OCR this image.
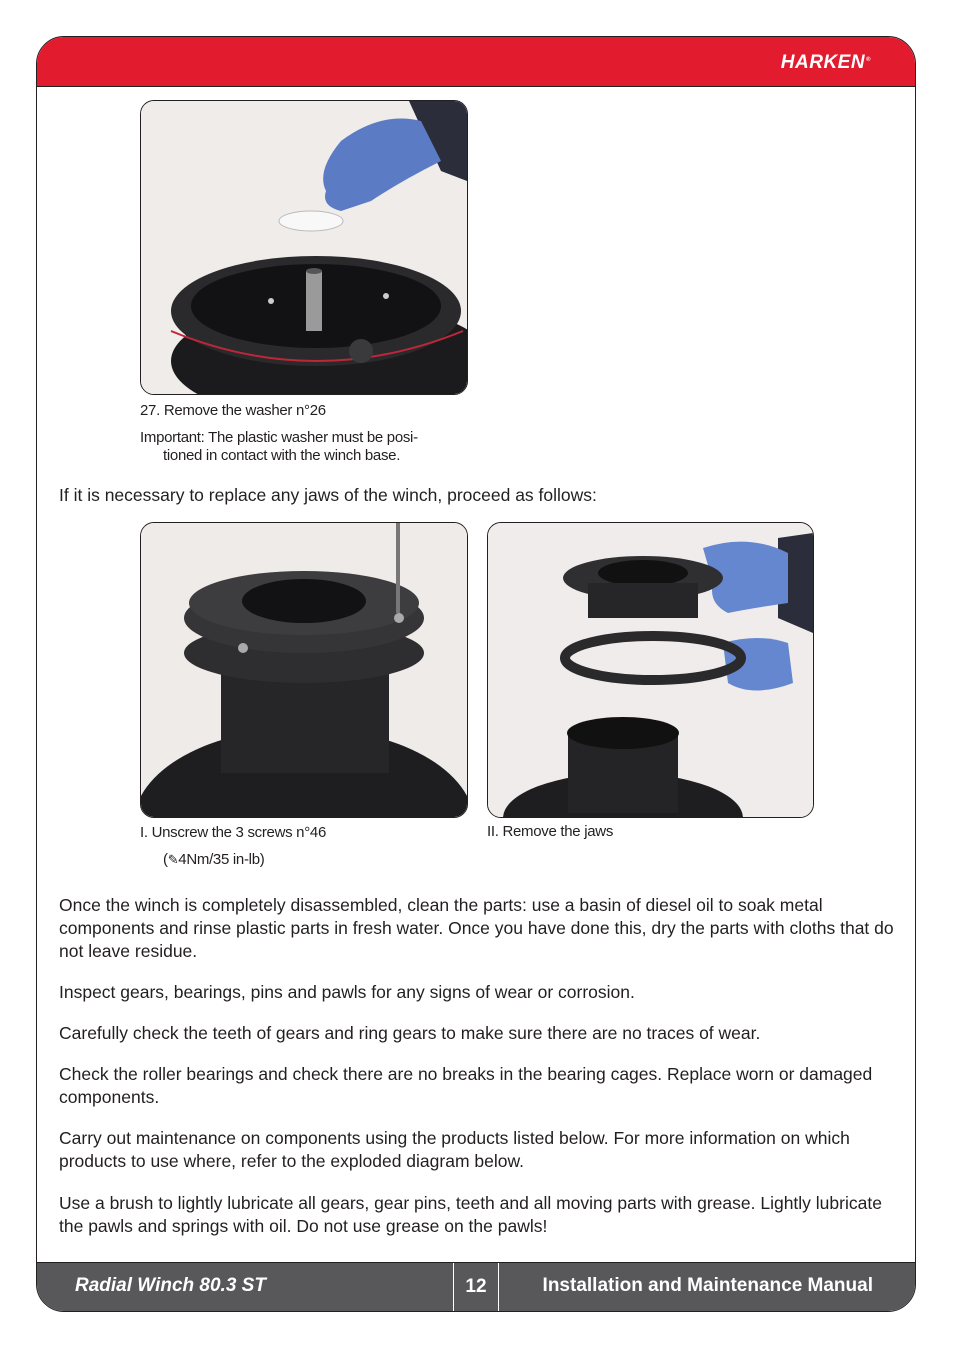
HARKEN®
Radial Winch 80.3 ST	12	Installation and Maintenance Manual
27. Remove the washer n°26
Important: The plastic washer must be posi-
tioned in contact with the winch base.
If it is necessary to replace any jaws of the winch, proceed as follows:
I. Unscrew the 3 screws n°46
(✎4Nm/35 in-lb)
II. Remove the jaws
Once the winch is completely disassembled, clean the parts: use a basin of diesel oil to soak metal components and rinse plastic parts in fresh water. Once you have done this, dry the parts with cloths that do not leave residue.
Inspect gears, bearings, pins and pawls for any signs of wear or corrosion.
Carefully check the teeth of gears and ring gears to make sure there are no traces of wear.
Check the roller bearings and check there are no breaks in the bearing cages. Replace worn or damaged components.
Carry out maintenance on components using the products listed below. For more information on which products to use where, refer to the exploded diagram below.
Use a brush to lightly lubricate all gears, gear pins, teeth and all moving parts with grease. Lightly lubricate the pawls and springs with oil. Do not use grease on the pawls!
